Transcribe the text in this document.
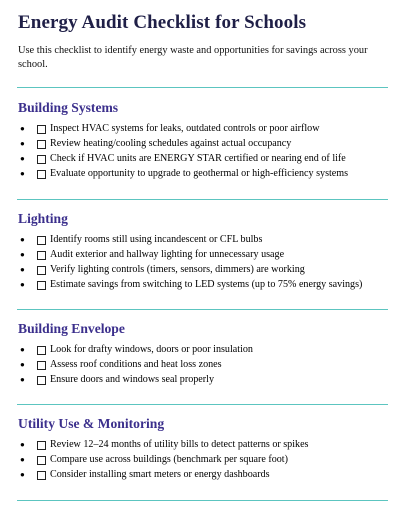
Energy Audit Checklist for Schools

Use this checklist to identify energy waste and opportunities for savings across your school.

Building Systems
●	Inspect HVAC systems for leaks, outdated controls or poor airflow
●	Review heating/cooling schedules against actual occupancy
●	Check if HVAC units are ENERGY STAR certified or nearing end of life
●	Evaluate opportunity to upgrade to geothermal or high-efficiency systems
Lighting
●	Identify rooms still using incandescent or CFL bulbs
●	Audit exterior and hallway lighting for unnecessary usage
●	Verify lighting controls (timers, sensors, dimmers) are working
●	Estimate savings from switching to LED systems (up to 75% energy savings)
Building Envelope
●	Look for drafty windows, doors or poor insulation
●	Assess roof conditions and heat loss zones
●	Ensure doors and windows seal properly
Utility Use & Monitoring
●	Review 12–24 months of utility bills to detect patterns or spikes
●	Compare use across buildings (benchmark per square foot)
●	Consider installing smart meters or energy dashboards
